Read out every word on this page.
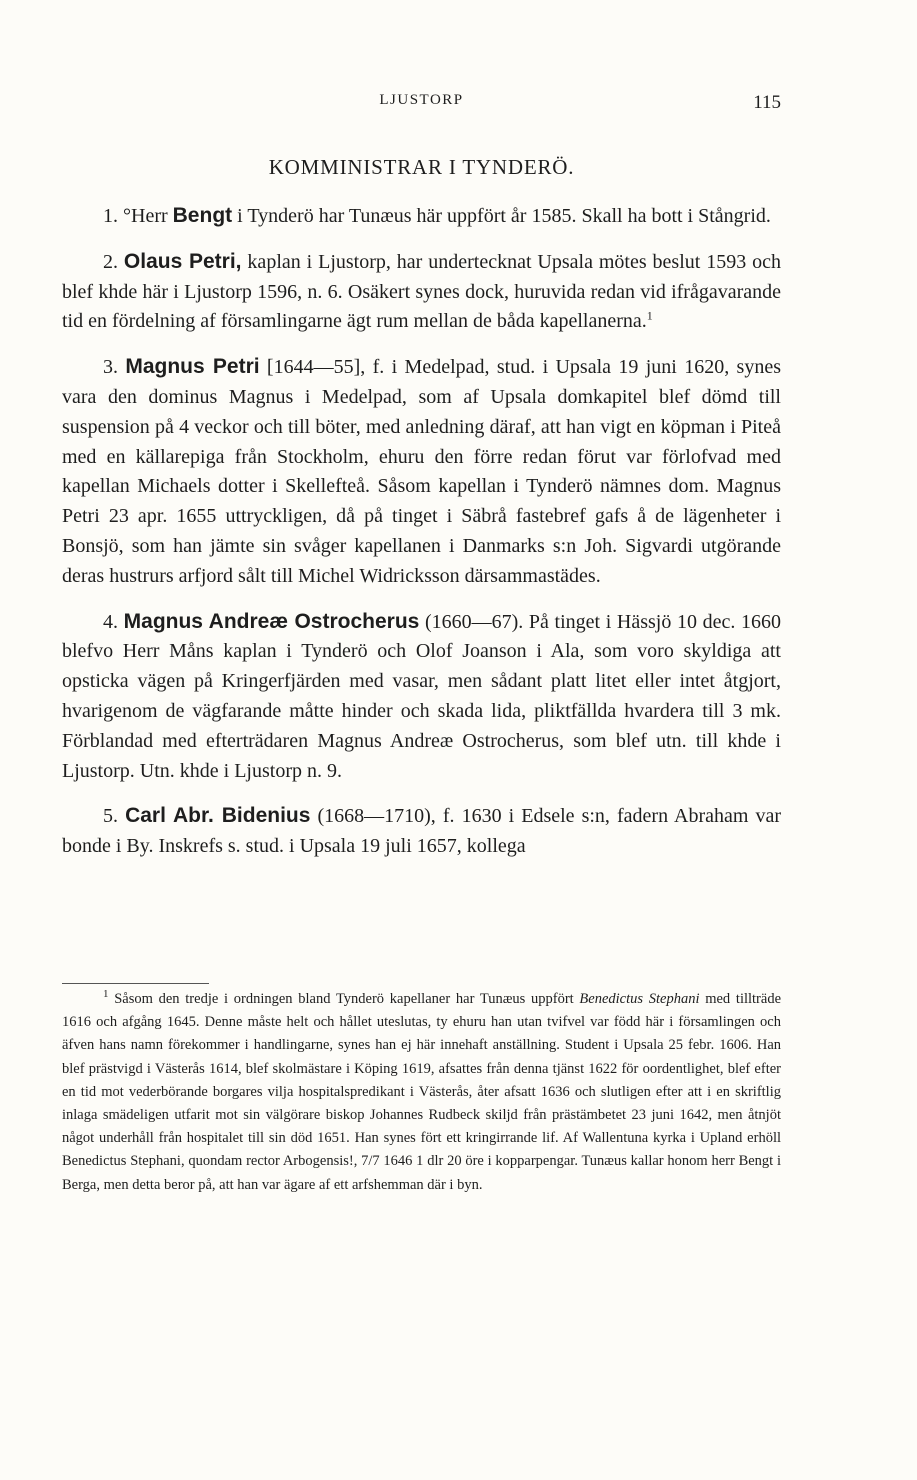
LJUSTORP	115
KOMMINISTRAR I TYNDERÖ.

1. °Herr Bengt i Tynderö har Tunæus här uppfört år 1585. Skall ha bott i Stångrid.

2. Olaus Petri, kaplan i Ljustorp, har undertecknat Upsala mötes beslut 1593 och blef khde här i Ljustorp 1596, n. 6. Osäkert synes dock, huruvida redan vid ifrågavarande tid en fördelning af församlingarne ägt rum mellan de båda kapellanerna.$^1$

3. Magnus Petri [1644—55], f. i Medelpad, stud. i Upsala 19 juni 1620, synes vara den dominus Magnus i Medelpad, som af Upsala domkapitel blef dömd till suspension på 4 veckor och till böter, med anledning däraf, att han vigt en köpman i Piteå med en källarepiga från Stockholm, ehuru den förre redan förut var förlofvad med kapellan Michaels dotter i Skellefteå. Såsom kapellan i Tynderö nämnes dom. Magnus Petri 23 apr. 1655 uttryckligen, då på tinget i Säbrå fastebref gafs å de lägenheter i Bonsjö, som han jämte sin svåger kapellanen i Danmarks s:n Joh. Sigvardi utgörande deras hustrurs arfjord sålt till Michel Widricksson därsammastädes.

4. Magnus Andreæ Ostrocherus (1660—67). På tinget i Hässjö 10 dec. 1660 blefvo Herr Måns kaplan i Tynderö och Olof Joanson i Ala, som voro skyldiga att opsticka vägen på Kringerfjärden med vasar, men sådant platt litet eller intet åtgjort, hvarigenom de vägfarande måtte hinder och skada lida, pliktfällda hvardera till 3 mk. Förblandad med efterträdaren Magnus Andreæ Ostrocherus, som blef utn. till khde i Ljustorp. Utn. khde i Ljustorp n. 9.

5. Carl Abr. Bidenius (1668—1710), f. 1630 i Edsele s:n, fadern Abraham var bonde i By. Inskrefs s. stud. i Upsala 19 juli 1657, kollega

$^1$ Såsom den tredje i ordningen bland Tynderö kapellaner har Tunæus uppfört Benedictus Stephani med tillträde 1616 och afgång 1645. Denne måste helt och hållet uteslutas, ty ehuru han utan tvifvel var född här i församlingen och äfven hans namn förekommer i handlingarne, synes han ej här innehaft anställning. Student i Upsala 25 febr. 1606. Han blef prästvigd i Västerås 1614, blef skolmästare i Köping 1619, afsattes från denna tjänst 1622 för oordentlighet, blef efter en tid mot vederbörande borgares vilja hospitalspredikant i Västerås, åter afsatt 1636 och slutligen efter att i en skriftlig inlaga smädeligen utfarit mot sin välgörare biskop Johannes Rudbeck skiljd från prästämbetet 23 juni 1642, men åtnjöt något underhåll från hospitalet till sin död 1651. Han synes fört ett kringirrande lif. Af Wallentuna kyrka i Upland erhöll Benedictus Stephani, quondam rector Arbogensis!, 7/7 1646 1 dlr 20 öre i kopparpengar. Tunæus kallar honom herr Bengt i Berga, men detta beror på, att han var ägare af ett arfshemman där i byn.
